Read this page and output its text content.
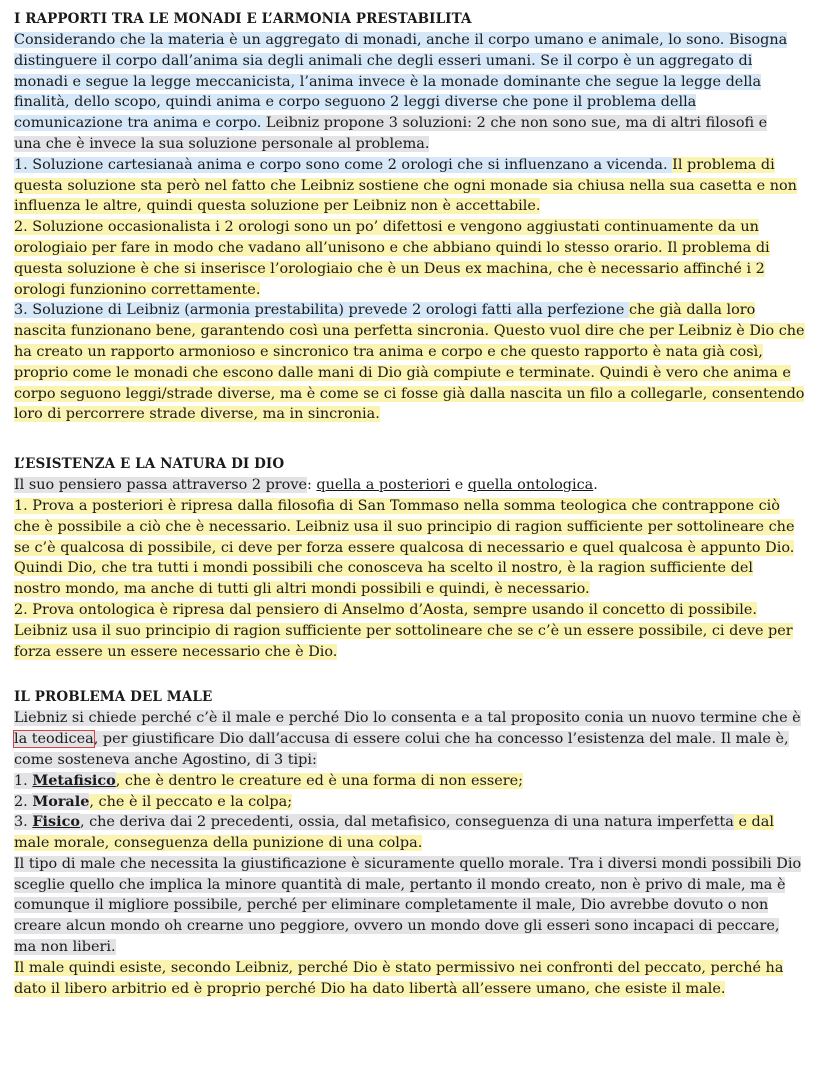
I RAPPORTI TRA LE MONADI E L’ARMONIA PRESTABILITA
Considerando che la materia è un aggregato di monadi, anche il corpo umano e animale, lo sono. Bisogna
distinguere il corpo dall’anima sia degli animali che degli esseri umani. Se il corpo è un aggregato di
monadi e segue la legge meccanicista, l’anima invece è la monade dominante che segue la legge della
finalità, dello scopo, quindi anima e corpo seguono 2 leggi diverse che pone il problema della
comunicazione tra anima e corpo. Leibniz propone 3 soluzioni: 2 che non sono sue, ma di altri filosofi e
una che è invece la sua soluzione personale al problema.
1. Soluzione cartesianaà anima e corpo sono come 2 orologi che si influenzano a vicenda. Il problema di
questa soluzione sta però nel fatto che Leibniz sostiene che ogni monade sia chiusa nella sua casetta e non
influenza le altre, quindi questa soluzione per Leibniz non è accettabile.
2. Soluzione occasionalista i 2 orologi sono un po’ difettosi e vengono aggiustati continuamente da un
orologiaio per fare in modo che vadano all’unisono e che abbiano quindi lo stesso orario. Il problema di
questa soluzione è che si inserisce l’orologiaio che è un Deus ex machina, che è necessario affinché i 2
orologi funzionino correttamente.
3. Soluzione di Leibniz (armonia prestabilita) prevede 2 orologi fatti alla perfezione che già dalla loro
nascita funzionano bene, garantendo così una perfetta sincronia. Questo vuol dire che per Leibniz è Dio che
ha creato un rapporto armonioso e sincronico tra anima e corpo e che questo rapporto è nata già così,
proprio come le monadi che escono dalle mani di Dio già compiute e terminate. Quindi è vero che anima e
corpo seguono leggi/strade diverse, ma è come se ci fosse già dalla nascita un filo a collegarle, consentendo
loro di percorrere strade diverse, ma in sincronia.
L’ESISTENZA E LA NATURA DI DIO
Il suo pensiero passa attraverso 2 prove: quella a posteriori e quella ontologica.
1. Prova a posteriori è ripresa dalla filosofia di San Tommaso nella somma teologica che contrappone ciò
che è possibile a ciò che è necessario. Leibniz usa il suo principio di ragion sufficiente per sottolineare che
se c’è qualcosa di possibile, ci deve per forza essere qualcosa di necessario e quel qualcosa è appunto Dio.
Quindi Dio, che tra tutti i mondi possibili che conosceva ha scelto il nostro, è la ragion sufficiente del
nostro mondo, ma anche di tutti gli altri mondi possibili e quindi, è necessario.
2. Prova ontologica è ripresa dal pensiero di Anselmo d’Aosta, sempre usando il concetto di possibile.
Leibniz usa il suo principio di ragion sufficiente per sottolineare che se c’è un essere possibile, ci deve per
forza essere un essere necessario che è Dio.
IL PROBLEMA DEL MALE
Liebniz si chiede perché c’è il male e perché Dio lo consenta e a tal proposito conia un nuovo termine che è
la teodicea, per giustificare Dio dall’accusa di essere colui che ha concesso l’esistenza del male. Il male è,
come sosteneva anche Agostino, di 3 tipi:
1. Metafisico, che è dentro le creature ed è una forma di non essere;
2. Morale, che è il peccato e la colpa;
3. Fisico, che deriva dai 2 precedenti, ossia, dal metafisico, conseguenza di una natura imperfetta e dal
male morale, conseguenza della punizione di una colpa.
Il tipo di male che necessita la giustificazione è sicuramente quello morale. Tra i diversi mondi possibili Dio
sceglie quello che implica la minore quantità di male, pertanto il mondo creato, non è privo di male, ma è
comunque il migliore possibile, perché per eliminare completamente il male, Dio avrebbe dovuto o non
creare alcun mondo oh crearne uno peggiore, ovvero un mondo dove gli esseri sono incapaci di peccare,
ma non liberi.
Il male quindi esiste, secondo Leibniz, perché Dio è stato permissivo nei confronti del peccato, perché ha
dato il libero arbitrio ed è proprio perché Dio ha dato libertà all’essere umano, che esiste il male.
